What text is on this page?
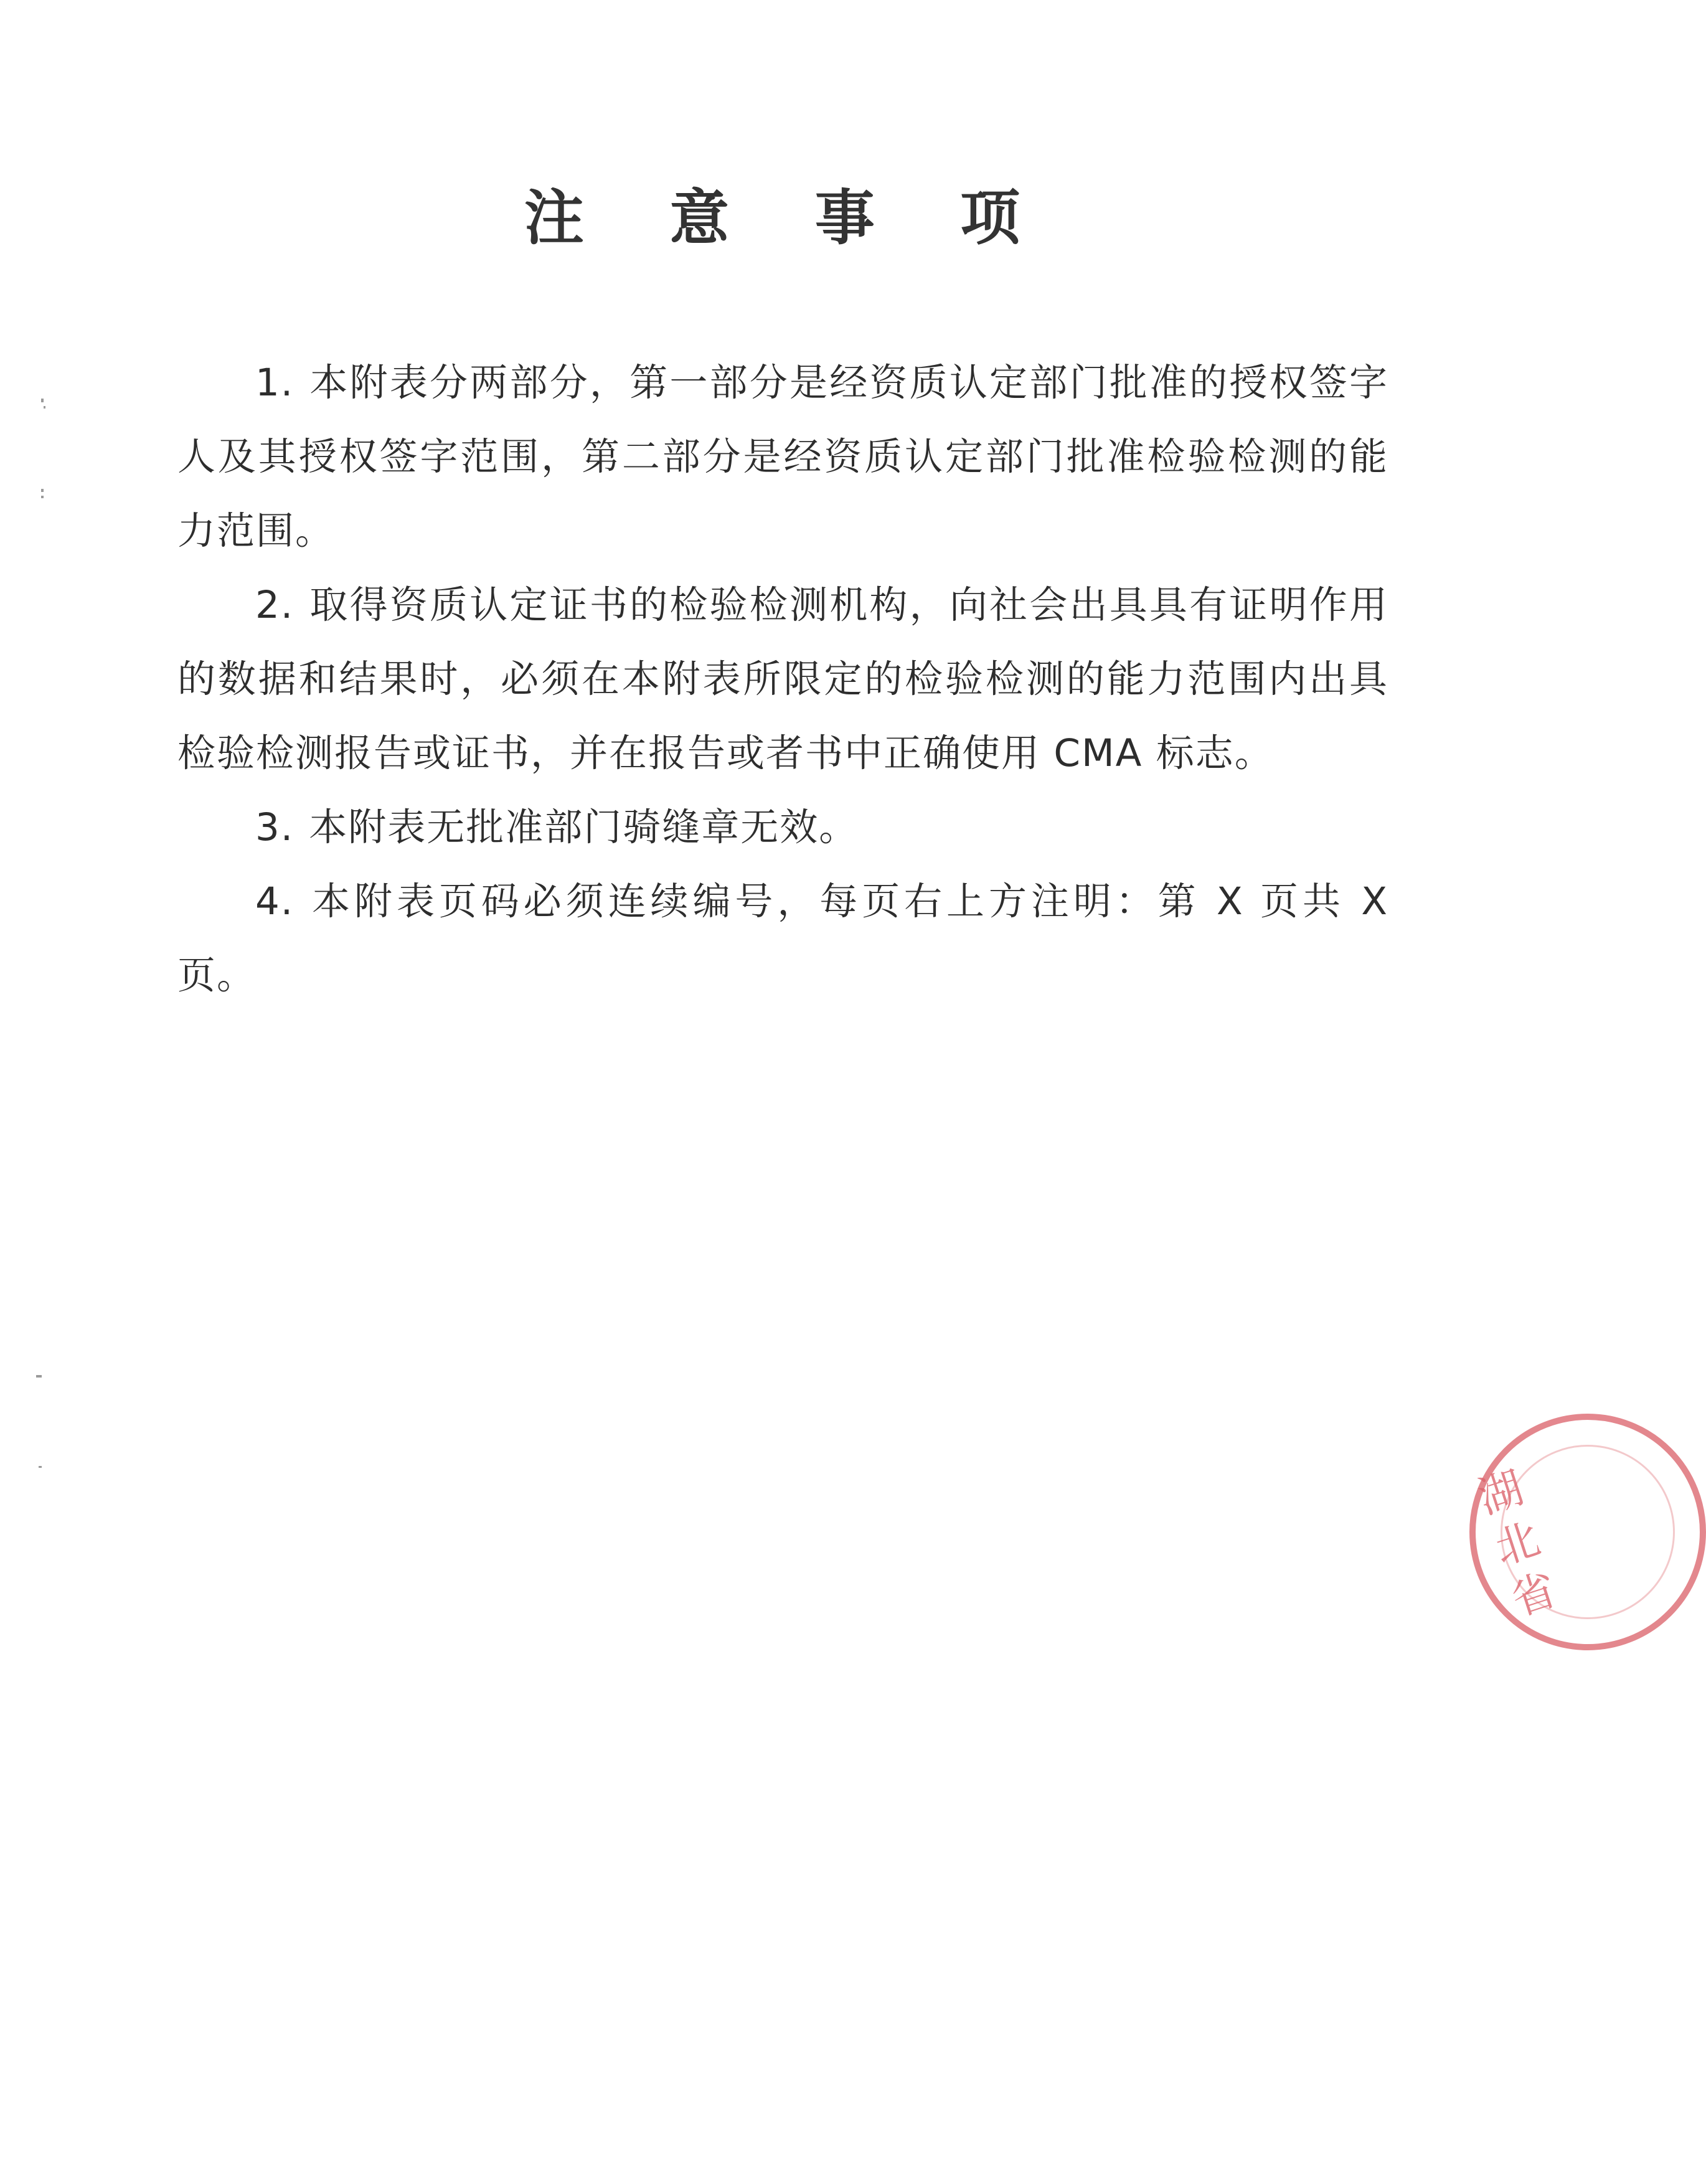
注 意 事 项

1. 本附表分两部分，第一部分是经资质认定部门批准的授权签字人及其授权签字范围，第二部分是经资质认定部门批准检验检测的能力范围。

2. 取得资质认定证书的检验检测机构，向社会出具具有证明作用的数据和结果时，必须在本附表所限定的检验检测的能力范围内出具检验检测报告或证书，并在报告或者书中正确使用 CMA 标志。

3. 本附表无批准部门骑缝章无效。

4. 本附表页码必须连续编号，每页右上方注明：第 X 页共 X 页。

湖北省
